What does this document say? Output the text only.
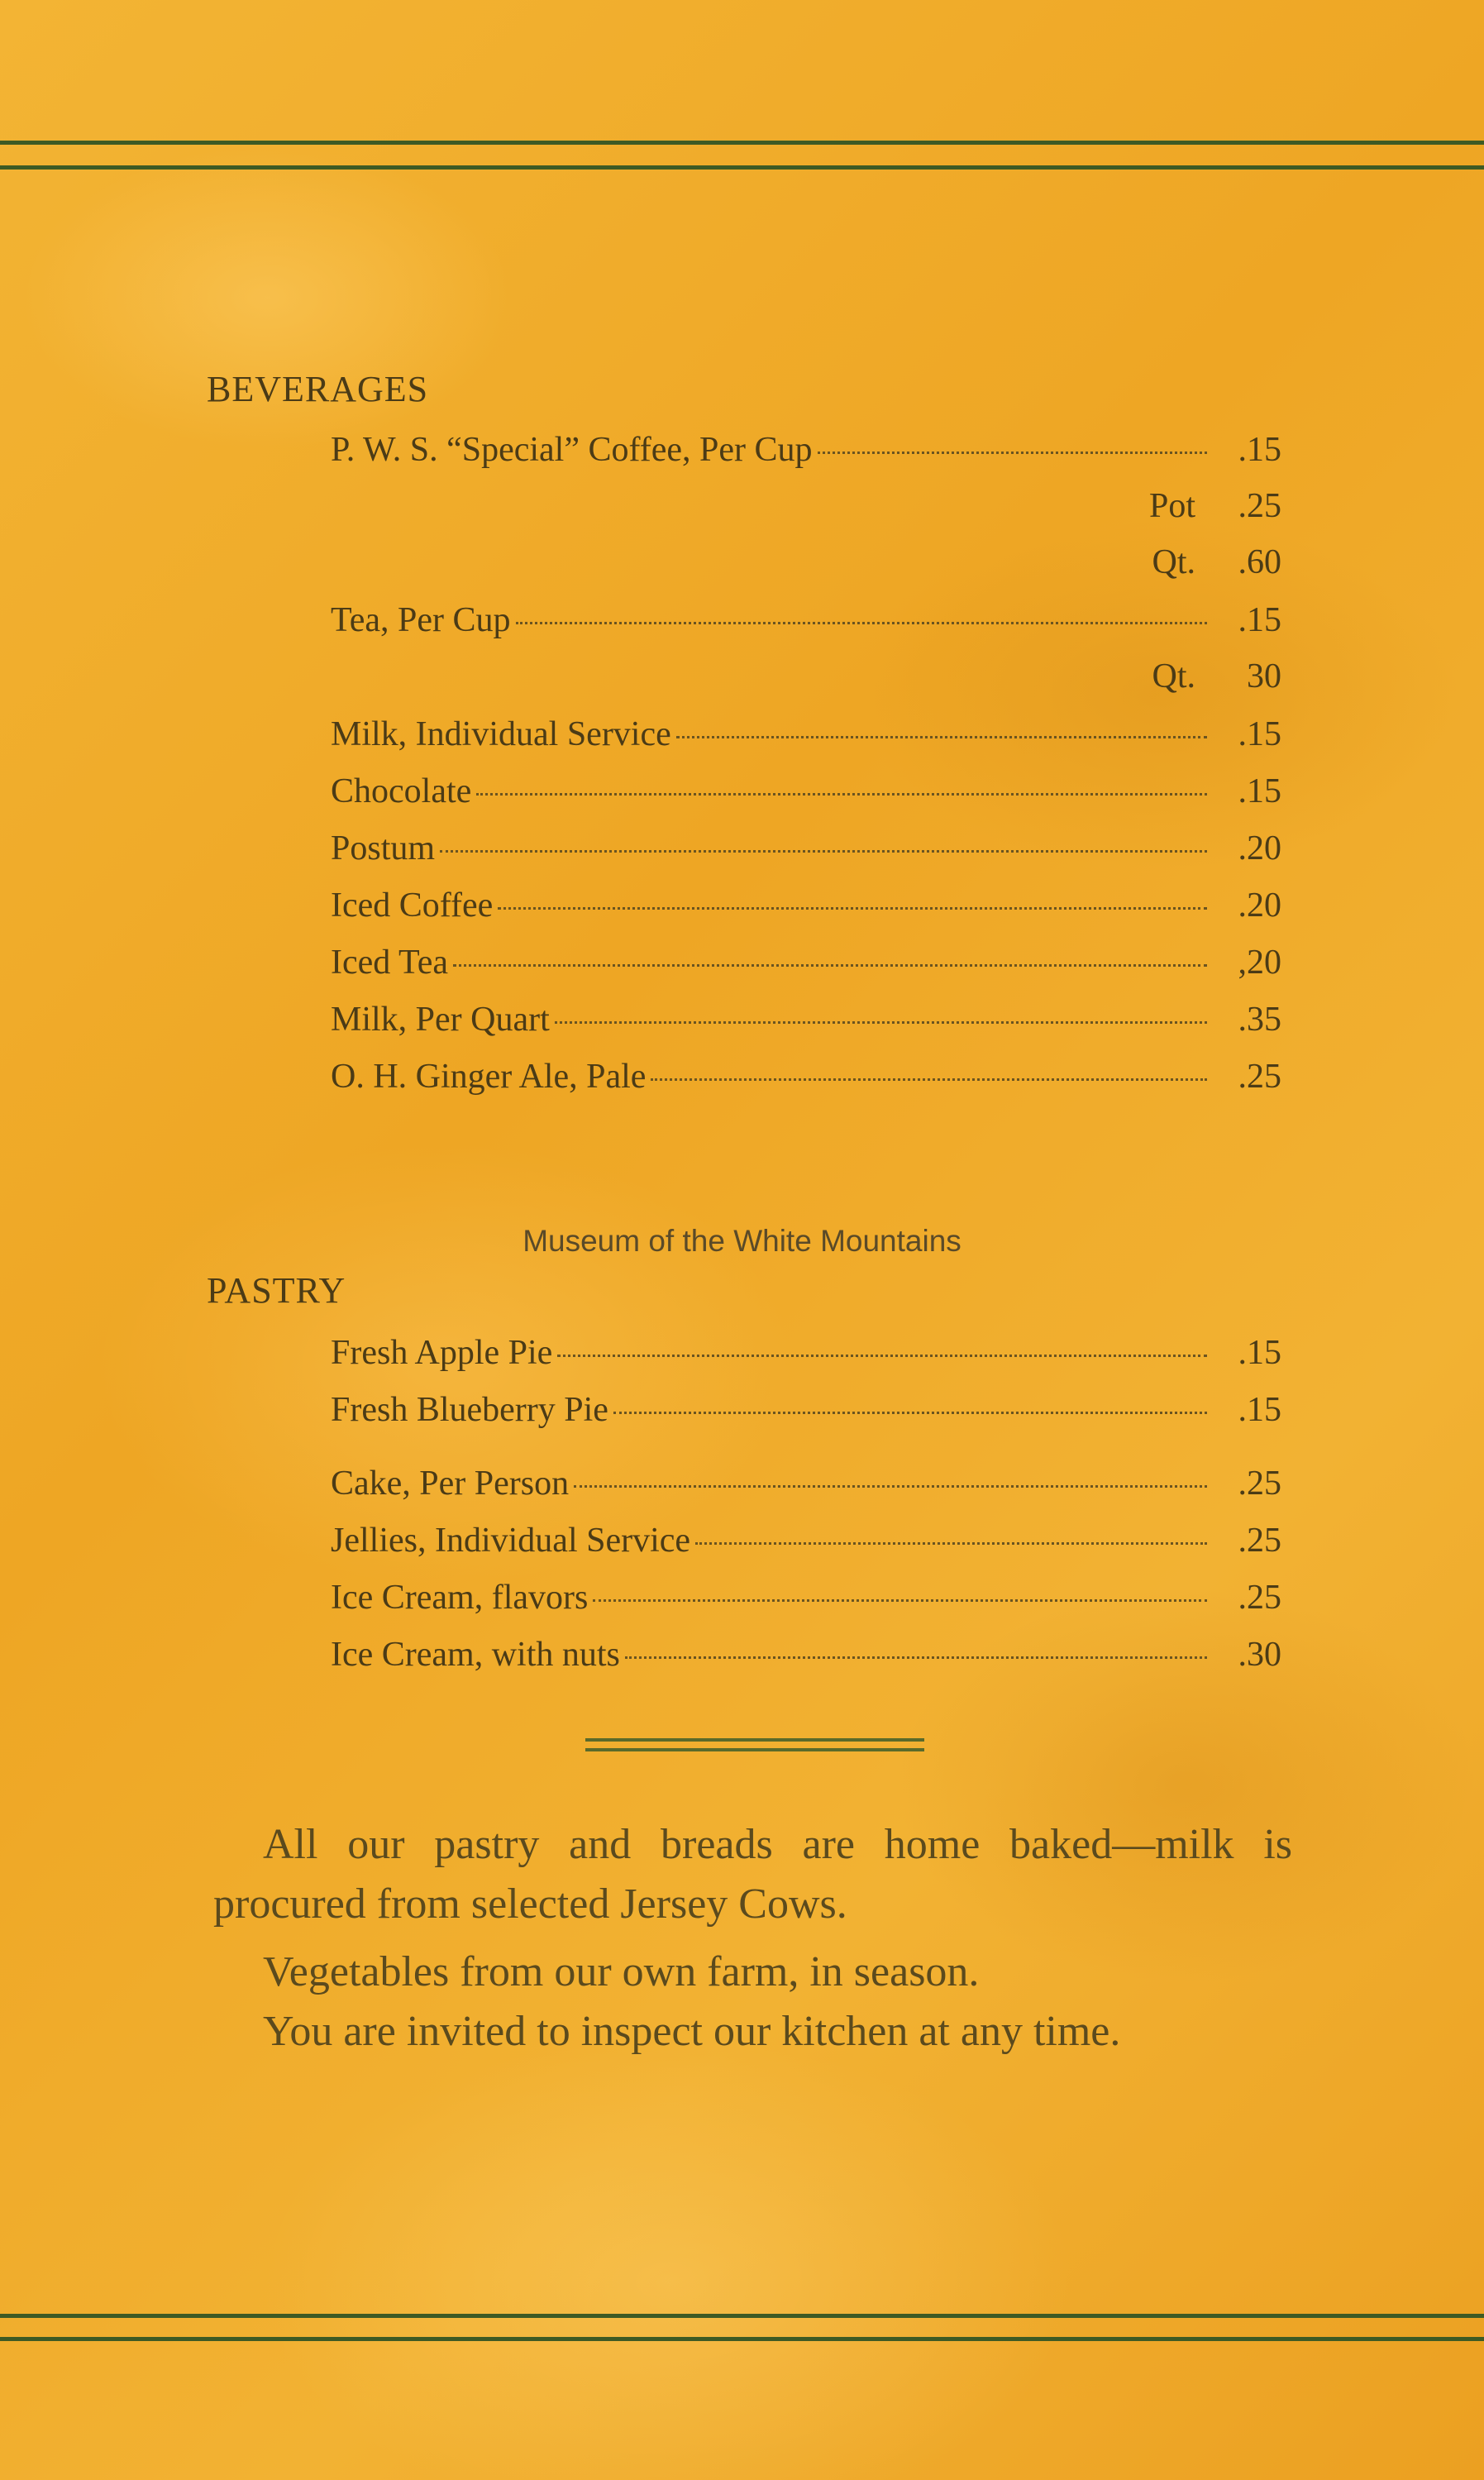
BEVERAGES
P. W. S. “Special” Coffee, Per Cup	.15
Pot	.25
Qt.	.60
Tea, Per Cup	.15
Qt.	30
Milk, Individual Service	.15
Chocolate	.15
Postum	.20
Iced Coffee	.20
Iced Tea	,20
Milk, Per Quart	.35
O. H. Ginger Ale, Pale	.25
Museum of the White Mountains
PASTRY
Fresh Apple Pie	.15
Fresh Blueberry Pie	.15
Cake, Per Person	.25
Jellies, Individual Service	.25
Ice Cream, flavors	.25
Ice Cream, with nuts	.30

All our pastry and breads are home baked—milk is procured from selected Jersey Cows.

Vegetables from our own farm, in season.

You are invited to inspect our kitchen at any time.
